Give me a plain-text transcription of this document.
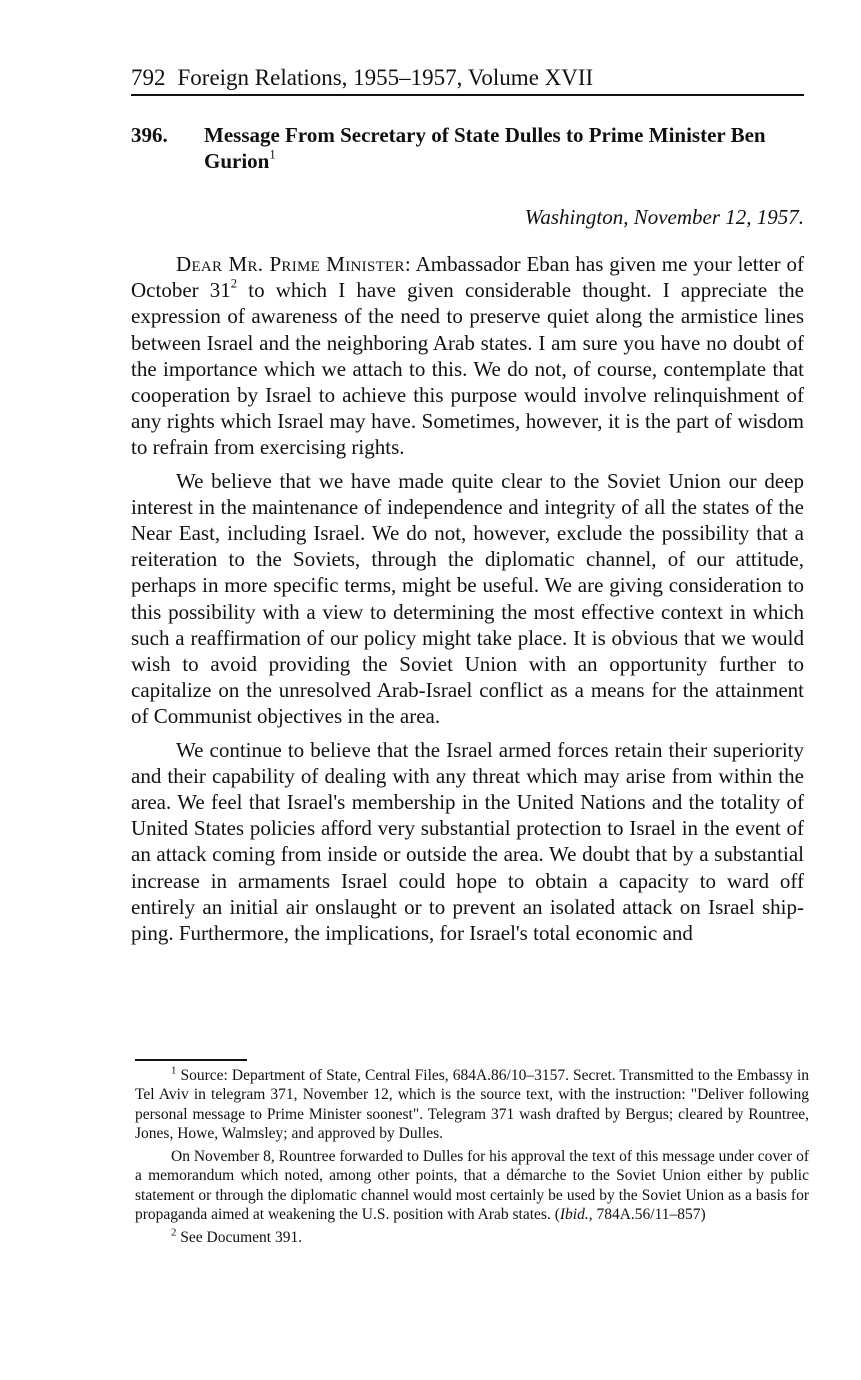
792 Foreign Relations, 1955–1957, Volume XVII
396. Message From Secretary of State Dulles to Prime Minister Ben Gurion$^1$
Washington, November 12, 1957.

Dear Mr. Prime Minister: Ambassador Eban has given me your letter of October $31^2$ to which I have given considerable thought. I appreciate the expression of awareness of the need to preserve quiet along the armistice lines between Israel and the neighboring Arab states. I am sure you have no doubt of the importance which we attach to this. We do not, of course, contemplate that cooperation by Israel to achieve this purpose would involve relinquishment of any rights which Israel may have. Sometimes, however, it is the part of wisdom to refrain from exercising rights.

We believe that we have made quite clear to the Soviet Union our deep interest in the maintenance of independence and integrity of all the states of the Near East, including Israel. We do not, however, exclude the possibility that a reiteration to the Soviets, through the diplomatic channel, of our attitude, perhaps in more specific terms, might be useful. We are giving consideration to this possibility with a view to determining the most effective context in which such a reaffirmation of our policy might take place. It is obvious that we would wish to avoid providing the Soviet Union with an opportunity further to capitalize on the unresolved Arab-Israel conflict as a means for the attainment of Communist objectives in the area.

We continue to believe that the Israel armed forces retain their superiority and their capability of dealing with any threat which may arise from within the area. We feel that Israel's membership in the United Nations and the totality of United States policies afford very substantial protection to Israel in the event of an attack coming from inside or outside the area. We doubt that by a substantial increase in armaments Israel could hope to obtain a capacity to ward off entirely an initial air onslaught or to prevent an isolated attack on Israel shipping. Furthermore, the implications, for Israel's total economic and

$^1$ Source: Department of State, Central Files, 684A.86/10–3157. Secret. Transmitted to the Embassy in Tel Aviv in telegram 371, November 12, which is the source text, with the instruction: "Deliver following personal message to Prime Minister soonest". Telegram 371 wash drafted by Bergus; cleared by Rountree, Jones, Howe, Walmsley; and approved by Dulles.

On November 8, Rountree forwarded to Dulles for his approval the text of this message under cover of a memorandum which noted, among other points, that a démarche to the Soviet Union either by public statement or through the diplomatic channel would most certainly be used by the Soviet Union as a basis for propaganda aimed at weakening the U.S. position with Arab states. (Ibid., 784A.56/11–857)

$^2$ See Document 391.
